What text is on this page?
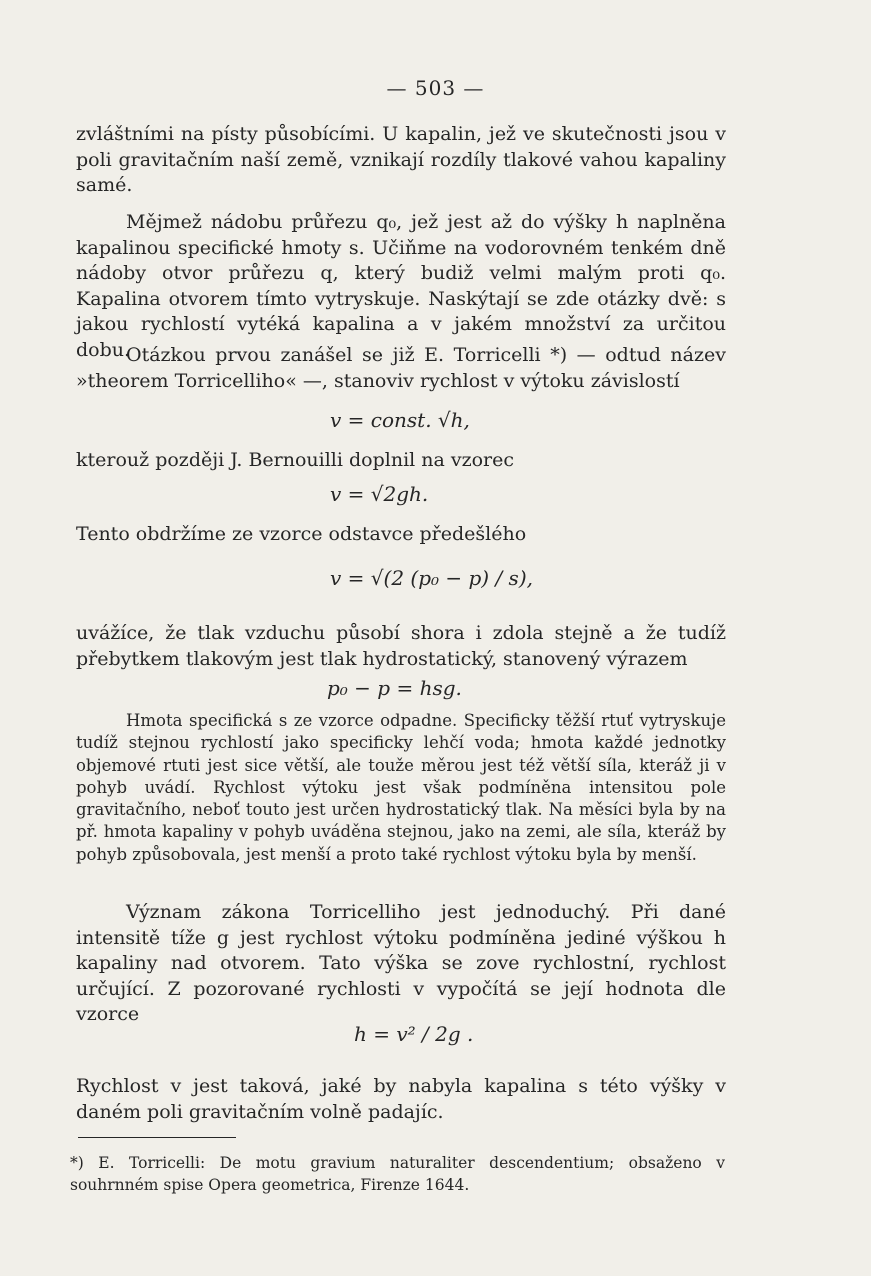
— 503 —

zvláštními na písty působícími. U kapalin, jež ve skutečnosti jsou v poli gravitačním naší země, vznikají rozdíly tlakové vahou kapaliny samé.

Mějmež nádobu průřezu q₀, jež jest až do výšky h naplněna kapalinou specifické hmoty s. Učiňme na vodorovném tenkém dně nádoby otvor průřezu q, který budiž velmi malým proti q₀. Kapalina otvorem tímto vytryskuje. Naskýtají se zde otázky dvě: s jakou rychlostí vytéká kapalina a v jakém množství za určitou dobu.

Otázkou prvou zanášel se již E. Torricelli *) — odtud název »theorem Torricelliho« —, stanoviv rychlost v výtoku závislostí

v = const. √h,

kterouž později J. Bernouilli doplnil na vzorec

v = √2gh.

Tento obdržíme ze vzorce odstavce předešlého

v = √(2 (p₀ − p) / s),

uvážíce, že tlak vzduchu působí shora i zdola stejně a že tudíž přebytkem tlakovým jest tlak hydrostatický, stanovený výrazem

p₀ − p = hsg.

Hmota specifická s ze vzorce odpadne. Specificky těžší rtuť vytryskuje tudíž stejnou rychlostí jako specificky lehčí voda; hmota každé jednotky objemové rtuti jest sice větší, ale touže měrou jest též větší síla, kteráž ji v pohyb uvádí. Rychlost výtoku jest však podmíněna intensitou pole gravitačního, neboť touto jest určen hydrostatický tlak. Na měsíci byla by na př. hmota kapaliny v pohyb uváděna stejnou, jako na zemi, ale síla, kteráž by pohyb způsobovala, jest menší a proto také rychlost výtoku byla by menší.

Význam zákona Torricelliho jest jednoduchý. Při dané intensitě tíže g jest rychlost výtoku podmíněna jediné výškou h kapaliny nad otvorem. Tato výška se zove rychlostní, rychlost určující. Z pozorované rychlosti v vypočítá se její hodnota dle vzorce

h = v² / 2g .

Rychlost v jest taková, jaké by nabyla kapalina s této výšky v daném poli gravitačním volně padajíc.

*) E. Torricelli: De motu gravium naturaliter descendentium; obsaženo v souhrnném spise Opera geometrica, Firenze 1644.
